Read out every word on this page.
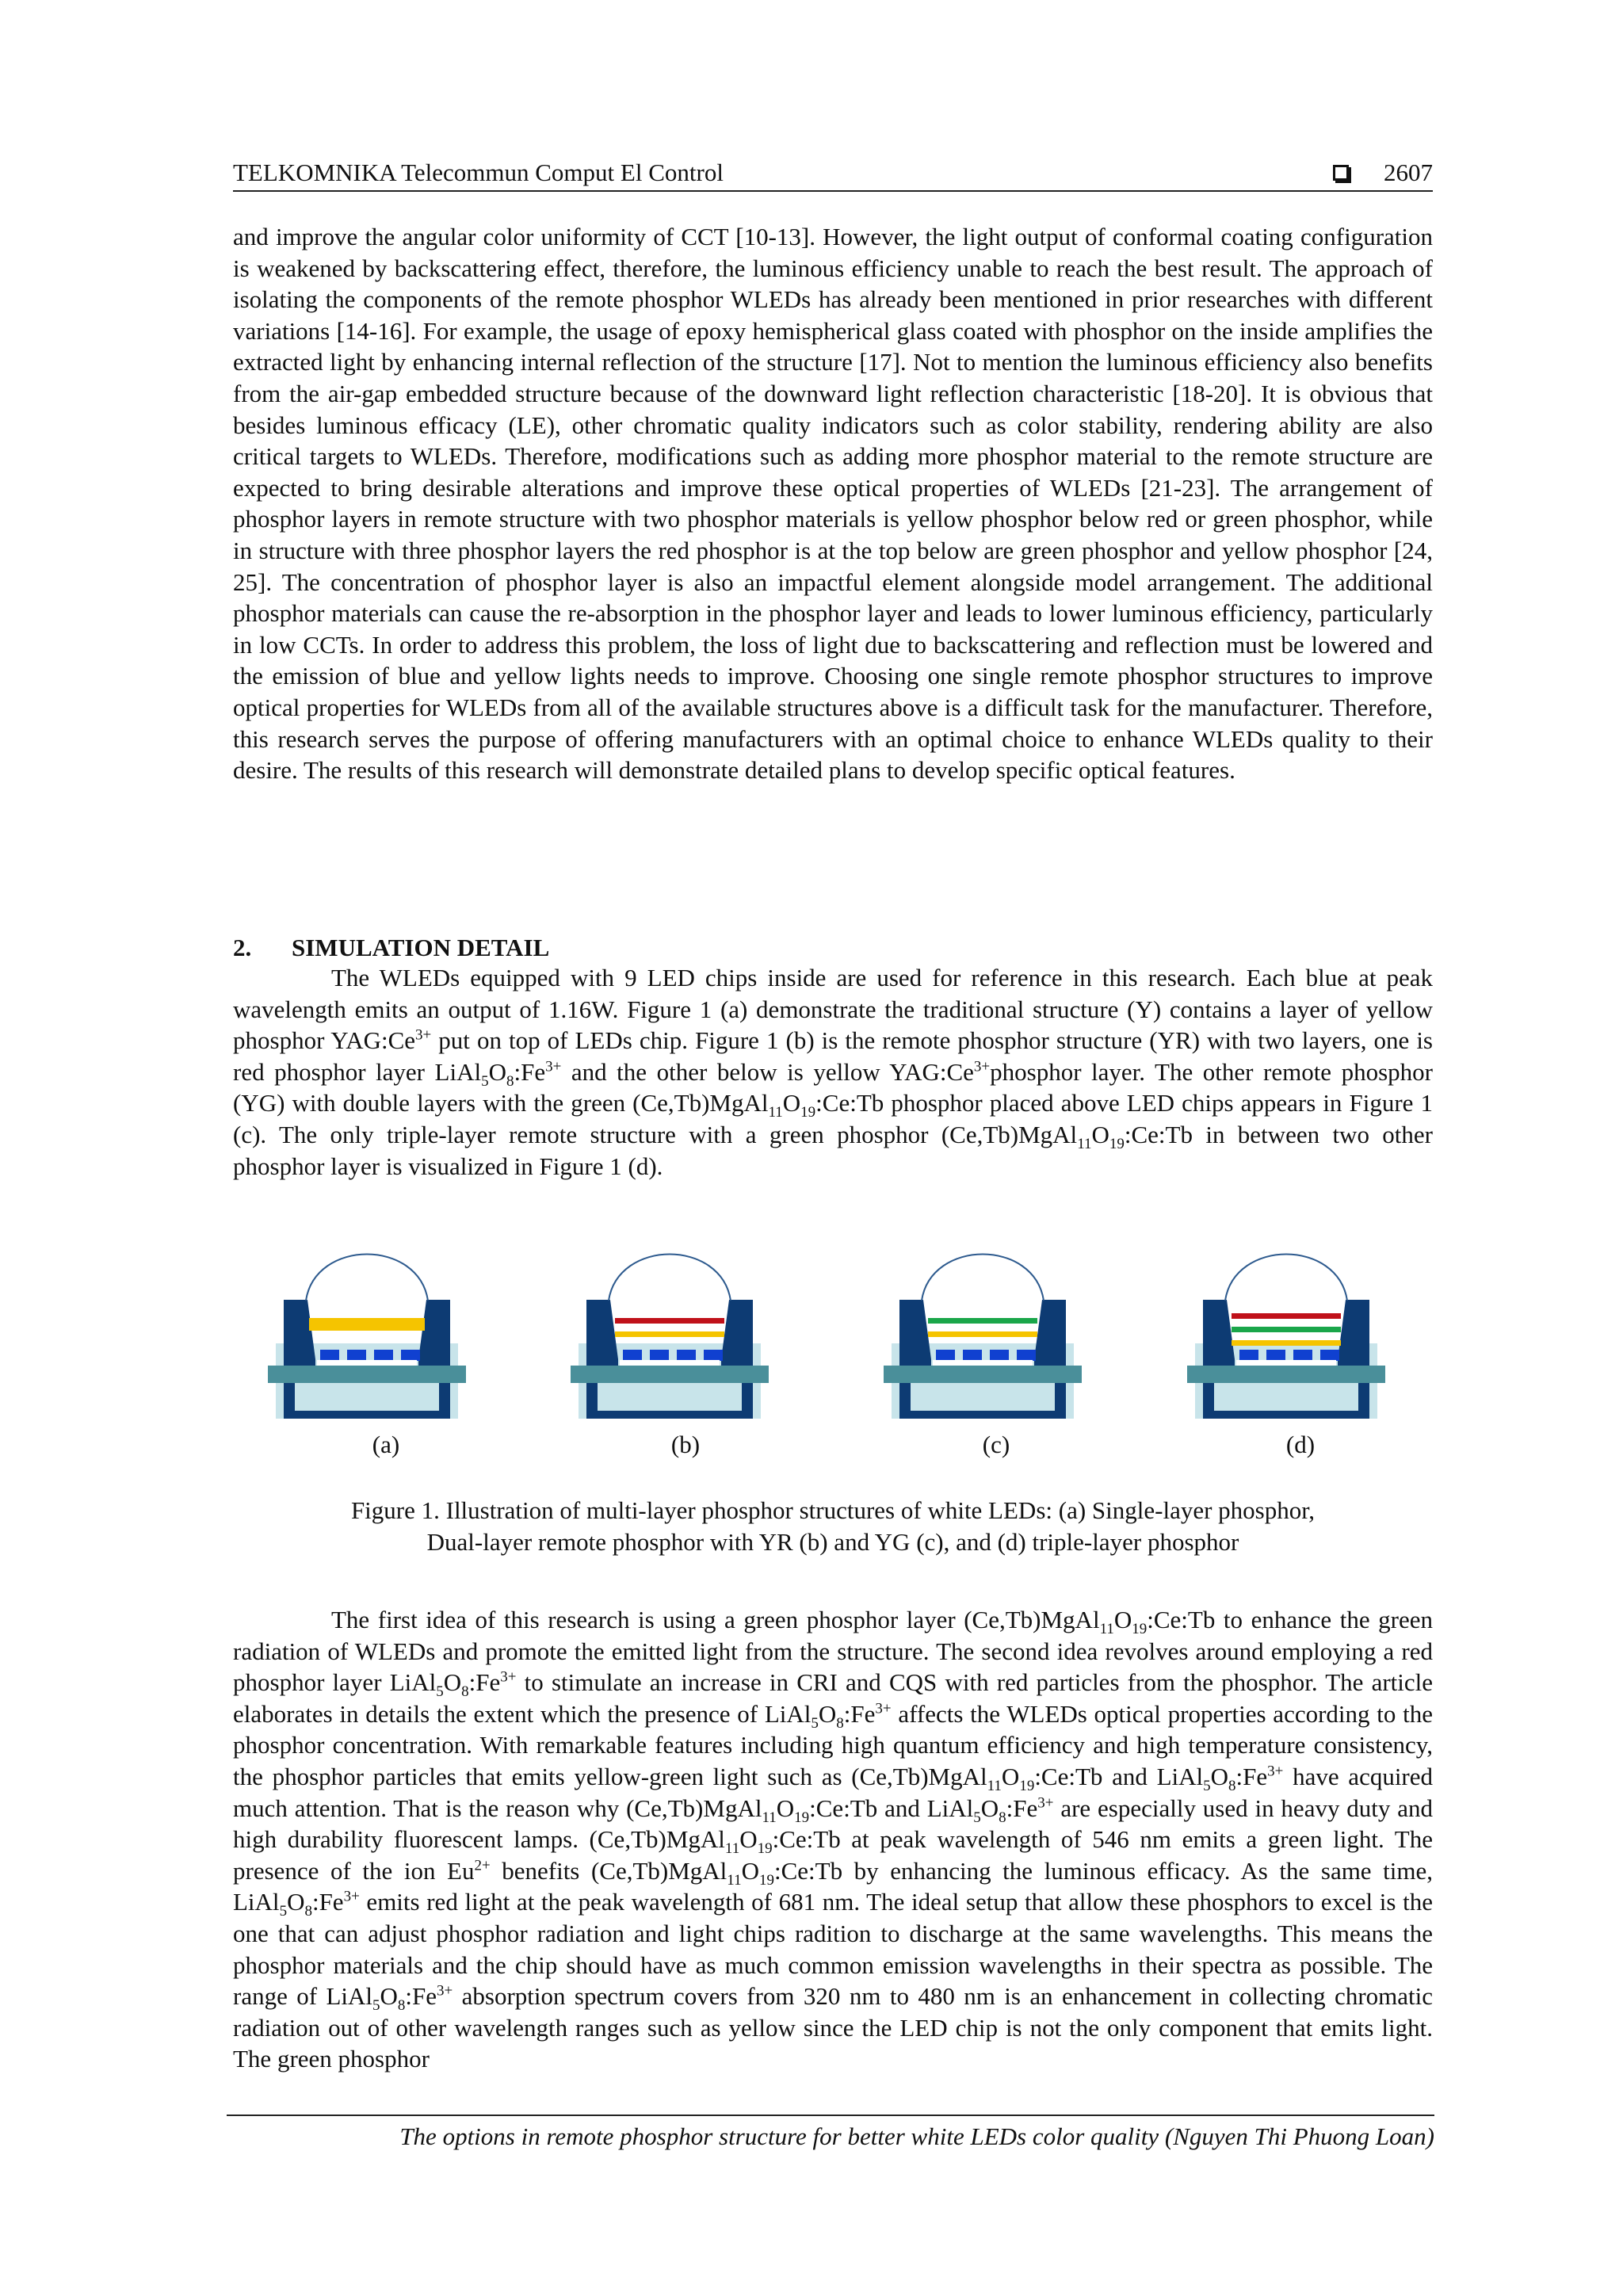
TELKOMNIKA Telecommun Comput El Control	2607

and improve the angular color uniformity of CCT [10-13]. However, the light output of conformal coating configuration is weakened by backscattering effect, therefore, the luminous efficiency unable to reach the best result. The approach of isolating the components of the remote phosphor WLEDs has already been mentioned in prior researches with different variations [14-16]. For example, the usage of epoxy hemispherical glass coated with phosphor on the inside amplifies the extracted light by enhancing internal reflection of the structure [17]. Not to mention the luminous efficiency also benefits from the air-gap embedded structure because of the downward light reflection characteristic [18-20]. It is obvious that besides luminous efficacy (LE), other chromatic quality indicators such as color stability, rendering ability are also critical targets to WLEDs. Therefore, modifications such as adding more phosphor material to the remote structure are expected to bring desirable alterations and improve these optical properties of WLEDs [21-23]. The arrangement of phosphor layers in remote structure with two phosphor materials is yellow phosphor below red or green phosphor, while in structure with three phosphor layers the red phosphor is at the top below are green phosphor and yellow phosphor [24, 25]. The concentration of phosphor layer is also an impactful element alongside model arrangement. The additional phosphor materials can cause the re-absorption in the phosphor layer and leads to lower luminous efficiency, particularly in low CCTs. In order to address this problem, the loss of light due to backscattering and reflection must be lowered and the emission of blue and yellow lights needs to improve. Choosing one single remote phosphor structures to improve optical properties for WLEDs from all of the available structures above is a difficult task for the manufacturer. Therefore, this research serves the purpose of offering manufacturers with an optimal choice to enhance WLEDs quality to their desire. The results of this research will demonstrate detailed plans to develop specific optical features.

2. SIMULATION DETAIL

The WLEDs equipped with 9 LED chips inside are used for reference in this research. Each blue at peak wavelength emits an output of 1.16W. Figure 1 (a) demonstrate the traditional structure (Y) contains a layer of yellow phosphor $YAG:Ce^{3+}$ put on top of LEDs chip. Figure 1 (b) is the remote phosphor structure (YR) with two layers, one is red phosphor layer $LiAl_5O_8:Fe^{3+}$ and the other below is yellow $YAG:Ce^{3+}phosphor$ layer. The other remote phosphor (YG) with double layers with the green $(Ce,Tb)MgAl_{11}O_{19}:Ce:Tb$ phosphor placed above LED chips appears in Figure 1 (c). The only triple-layer remote structure with a green phosphor $(Ce,Tb)MgAl_{11}O_{19}:Ce:Tb$ in between two other phosphor layer is visualized in Figure 1 (d).

(a)	(b)	(c)	(d)
Figure 1. Illustration of multi-layer phosphor structures of white LEDs: (a) Single-layer phosphor,
Dual-layer remote phosphor with YR (b) and YG (c), and (d) triple-layer phosphor

The first idea of this research is using a green phosphor layer $(Ce,Tb)MgAl_{11}O_{19}:Ce:Tb$ to enhance the green radiation of WLEDs and promote the emitted light from the structure. The second idea revolves around employing a red phosphor layer $LiAl_5O_8:Fe^{3+}$ to stimulate an increase in CRI and CQS with red particles from the phosphor. The article elaborates in details the extent which the presence of $LiAl_5O_8:Fe^{3+}$ affects the WLEDs optical properties according to the phosphor concentration. With remarkable features including high quantum efficiency and high temperature consistency, the phosphor particles that emits yellow-green light such as $(Ce,Tb)MgAl_{11}O_{19}:Ce:Tb$ and $LiAl_5O_8:Fe^{3+}$ have acquired much attention. That is the reason why $(Ce,Tb)MgAl_{11}O_{19}:Ce:Tb$ and $LiAl_5O_8:Fe^{3+}$ are especially used in heavy duty and high durability fluorescent lamps. $(Ce,Tb)MgAl_{11}O_{19}:Ce:Tb$ at peak wavelength of 546 nm emits a green light. The presence of the ion $Eu^{2+}$ benefits $(Ce,Tb)MgAl_{11}O_{19}:Ce:Tb$ by enhancing the luminous efficacy. As the same time, $LiAl_5O_8:Fe^{3+}$ emits red light at the peak wavelength of 681 nm. The ideal setup that allow these phosphors to excel is the one that can adjust phosphor radiation and light chips radition to discharge at the same wavelengths. This means the phosphor materials and the chip should have as much common emission wavelengths in their spectra as possible. The range of $LiAl_5O_8:Fe^{3+}$ absorption spectrum covers from 320 nm to 480 nm is an enhancement in collecting chromatic radiation out of other wavelength ranges such as yellow since the LED chip is not the only component that emits light. The green phosphor

The options in remote phosphor structure for better white LEDs color quality (Nguyen Thi Phuong Loan)
